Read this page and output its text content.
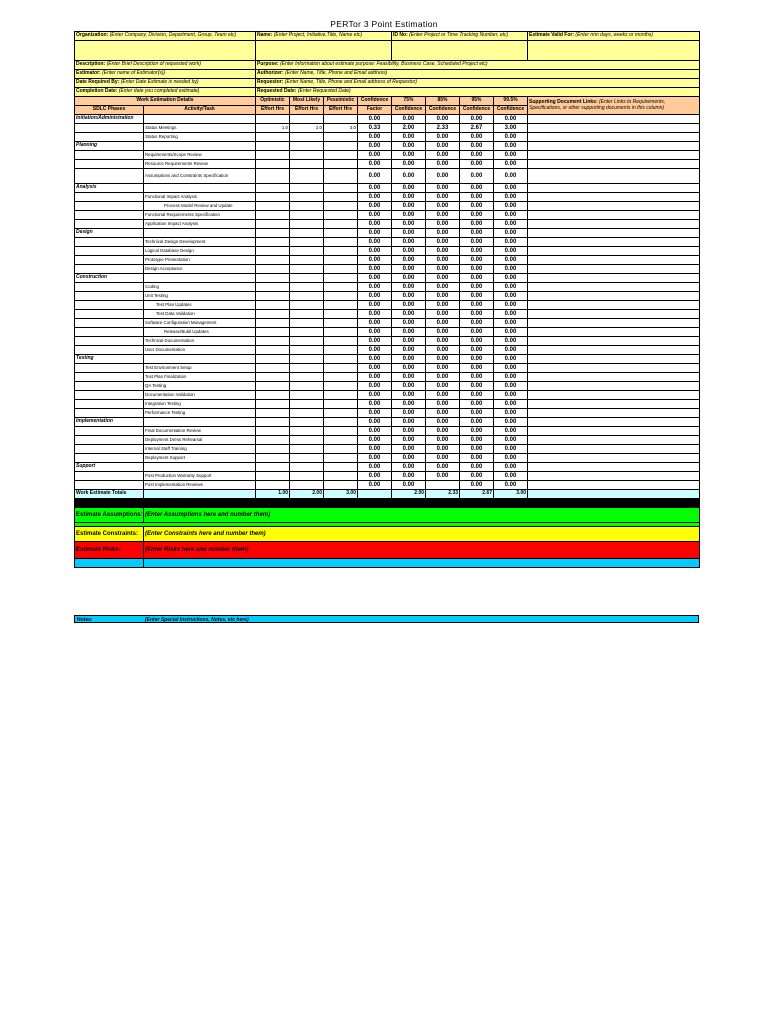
PERTor 3 Point Estimation
Organization: (Enter Company, Division, Department, Group, Team etc)		Name: (Enter Project, Initiative,Title, Name etc)				ID No: (Enter Project or Time Tracking Number, etc)				Estimate Valid For: (Enter nnn days, weeks or months)

Description: (Enter Brief Description of requested work)		Purpose: (Enter Information about estimate purpose: Feasibility, Business Case, Scheduled Project etc)								
Estimator: (Enter name of Estimator(s))		Authorizer: (Enter Name, Title, Phone and Email address)								
Date Required By: (Enter Date Estimate is needed by)		Requestor: (Enter Name, Title, Phone and Email address of Requestor)								
Completion Date: (Enter date you completed estimate)		Requested Date: (Enter Requested Date)								
Work Estimation Details		Optimistic	Most Likely	Pessimistic	Confidence	75%	85%	95%	99.5%	Supporting Document Links: (Enter Links to Requirements, Specifications, or other supporting documents in this column)
SDLC Phases	Activity/Task	Effort Hrs	Effort Hrs	Effort Hrs	Factor	Confidence	Confidence	Confidence	Confidence	
Initiation/Administration					0.00	0.00	0.00	0.00	0.00	
	Status Meetings	1.0	2.0	3.0	0.33	2.00	2.33	2.67	3.00	
	Status Reporting				0.00	0.00	0.00	0.00	0.00	
Planning					0.00	0.00	0.00	0.00	0.00	
	Requirements/Scope Review				0.00	0.00	0.00	0.00	0.00	
	Resource Requirements Review				0.00	0.00	0.00	0.00	0.00	
	Assumptions and Constraints Specification				0.00	0.00	0.00	0.00	0.00	
Analysis					0.00	0.00	0.00	0.00	0.00	
	Functional Impact Analysis				0.00	0.00	0.00	0.00	0.00	
	Process Model Review and Update				0.00	0.00	0.00	0.00	0.00	
	Functional Requirements Specification				0.00	0.00	0.00	0.00	0.00	
	Application Impact Analysis				0.00	0.00	0.00	0.00	0.00	
Design					0.00	0.00	0.00	0.00	0.00	
	Technical Design Development				0.00	0.00	0.00	0.00	0.00	
	Logical Database Design				0.00	0.00	0.00	0.00	0.00	
	Prototype Presentation				0.00	0.00	0.00	0.00	0.00	
	Design Acceptance				0.00	0.00	0.00	0.00	0.00	
Construction					0.00	0.00	0.00	0.00	0.00	
	Coding				0.00	0.00	0.00	0.00	0.00	
	Unit Testing				0.00	0.00	0.00	0.00	0.00	
	Test Plan Updates				0.00	0.00	0.00	0.00	0.00	
	Test Data Validation				0.00	0.00	0.00	0.00	0.00	
	Software Configuration Management				0.00	0.00	0.00	0.00	0.00	
	Release/Build Updates				0.00	0.00	0.00	0.00	0.00	
	Technical Documentation				0.00	0.00	0.00	0.00	0.00	
	User Documentation				0.00	0.00	0.00	0.00	0.00	
Testing					0.00	0.00	0.00	0.00	0.00	
	Test Environment Setup				0.00	0.00	0.00	0.00	0.00	
	Test Plan Finalization				0.00	0.00	0.00	0.00	0.00	
	QA Testing				0.00	0.00	0.00	0.00	0.00	
	Documentation Validation				0.00	0.00	0.00	0.00	0.00	
	Integration Testing				0.00	0.00	0.00	0.00	0.00	
	Performance Testing				0.00	0.00	0.00	0.00	0.00	
Implementation					0.00	0.00	0.00	0.00	0.00	
	Final Documentation Review				0.00	0.00	0.00	0.00	0.00	
	Deployment Dress Rehearsal				0.00	0.00	0.00	0.00	0.00	
	Internal Staff Training				0.00	0.00	0.00	0.00	0.00	
	Deployment Support				0.00	0.00	0.00	0.00	0.00	
Support					0.00	0.00	0.00	0.00	0.00	
	Post Production Warranty Support				0.00	0.00	0.00	0.00	0.00	
	Post Implementation Reviews				0.00	0.00		0.00	0.00	
Work Estimate Totals		1.00	2.00	3.00		2.00	2.33	2.67	3.00	

Estimate Assumptions:	(Enter Assumptions here and number them)									

Estimate Constraints:	(Enter Constraints here and number them)									
Estimate Risks:	(Enter Risks here and number them)									

Notes:	(Enter Special Instructions, Notes, etc here)
